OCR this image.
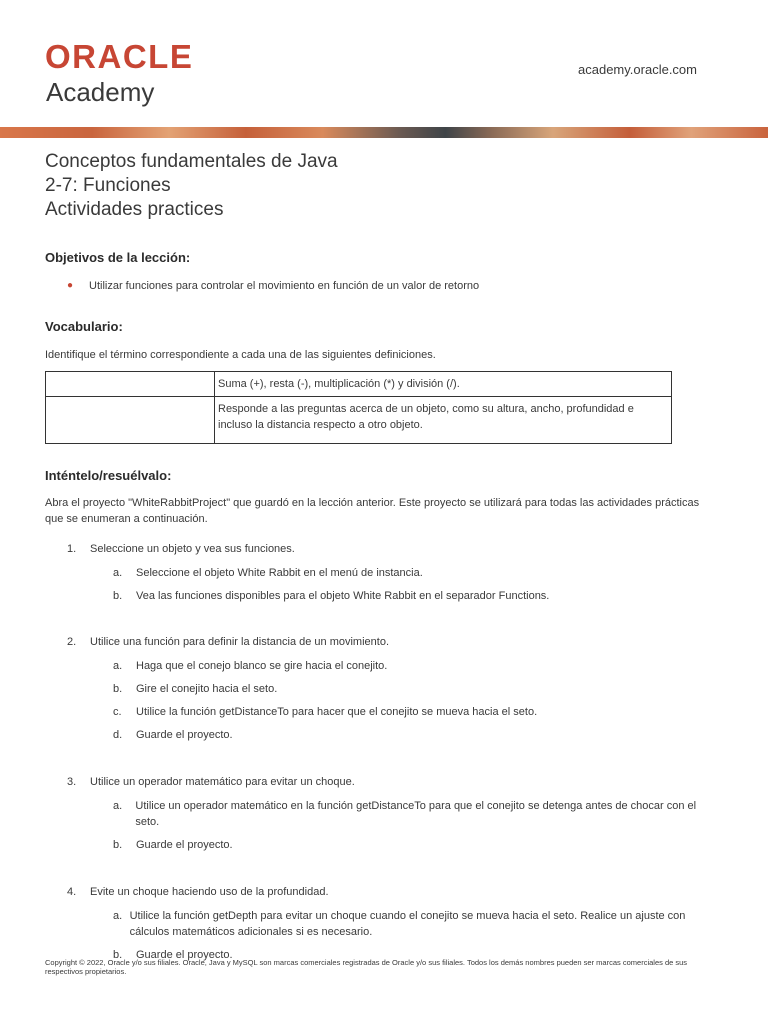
ORACLE
Academy
academy.oracle.com
Conceptos fundamentales de Java
2-7: Funciones
Actividades practices
Objetivos de la lección:
●	Utilizar funciones para controlar el movimiento en función de un valor de retorno
Vocabulario:

Identifique el término correspondiente a cada una de las siguientes definiciones.

	Suma (+), resta (-), multiplicación (*) y división (/).
	Responde a las preguntas acerca de un objeto, como su altura, ancho, profundidad e incluso la distancia respecto a otro objeto.
Inténtelo/resuélvalo:

Abra el proyecto "WhiteRabbitProject" que guardó en la lección anterior. Este proyecto se utilizará para todas las actividades prácticas que se enumeran a continuación.

1.	Seleccione un objeto y vea sus funciones.
a.	Seleccione el objeto White Rabbit en el menú de instancia.
b.	Vea las funciones disponibles para el objeto White Rabbit en el separador Functions.
2.	Utilice una función para definir la distancia de un movimiento.
a.	Haga que el conejo blanco se gire hacia el conejito.
b.	Gire el conejito hacia el seto.
c.	Utilice la función getDistanceTo para hacer que el conejito se mueva hacia el seto.
d.	Guarde el proyecto.
3.	Utilice un operador matemático para evitar un choque.
a.	Utilice un operador matemático en la función getDistanceTo para que el conejito se detenga antes de chocar con el seto.
b.	Guarde el proyecto.
4.	Evite un choque haciendo uso de la profundidad.
a. Utilice la función getDepth para evitar un choque cuando el conejito se mueva hacia el seto. Realice un ajuste con cálculos matemáticos adicionales si es necesario.
b.	Guarde el proyecto.
Copyright © 2022, Oracle y/o sus filiales. Oracle, Java y MySQL son marcas comerciales registradas de Oracle y/o sus filiales. Todos los demás nombres pueden ser marcas comerciales de sus respectivos propietarios.
